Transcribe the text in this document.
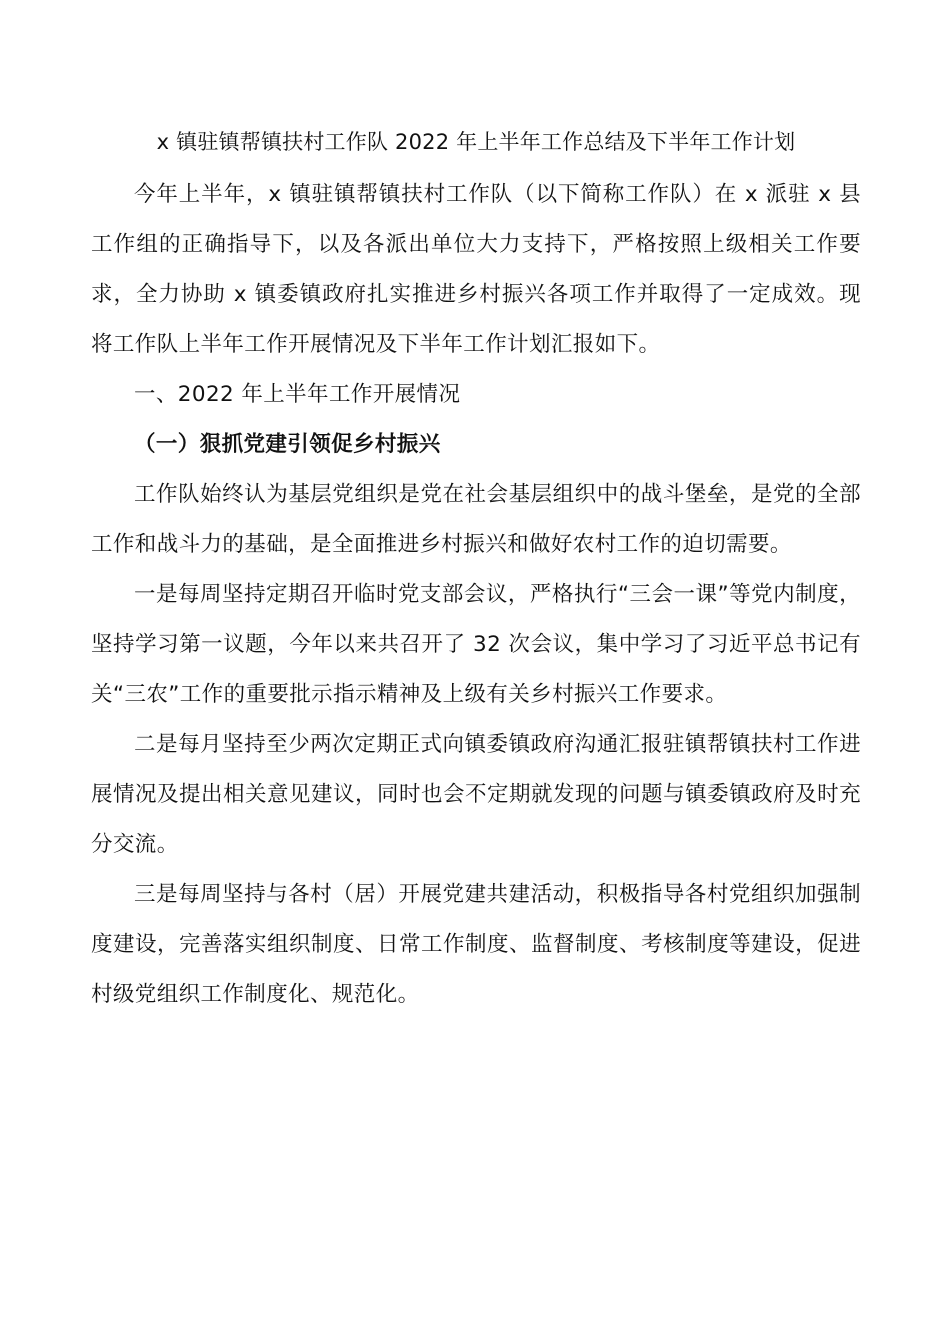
x 镇驻镇帮镇扶村工作队 2022 年上半年工作总结及下半年工作计划

今年上半年，x 镇驻镇帮镇扶村工作队（以下简称工作队）在 x 派驻 x 县工作组的正确指导下，以及各派出单位大力支持下，严格按照上级相关工作要求，全力协助 x 镇委镇政府扎实推进乡村振兴各项工作并取得了一定成效。现将工作队上半年工作开展情况及下半年工作计划汇报如下。

一、2022 年上半年工作开展情况

（一）狠抓党建引领促乡村振兴

工作队始终认为基层党组织是党在社会基层组织中的战斗堡垒，是党的全部工作和战斗力的基础，是全面推进乡村振兴和做好农村工作的迫切需要。

一是每周坚持定期召开临时党支部会议，严格执行“三会一课”等党内制度，坚持学习第一议题，今年以来共召开了 32 次会议，集中学习了习近平总书记有关“三农”工作的重要批示指示精神及上级有关乡村振兴工作要求。

二是每月坚持至少两次定期正式向镇委镇政府沟通汇报驻镇帮镇扶村工作进展情况及提出相关意见建议，同时也会不定期就发现的问题与镇委镇政府及时充分交流。

三是每周坚持与各村（居）开展党建共建活动，积极指导各村党组织加强制度建设，完善落实组织制度、日常工作制度、监督制度、考核制度等建设，促进村级党组织工作制度化、规范化。
